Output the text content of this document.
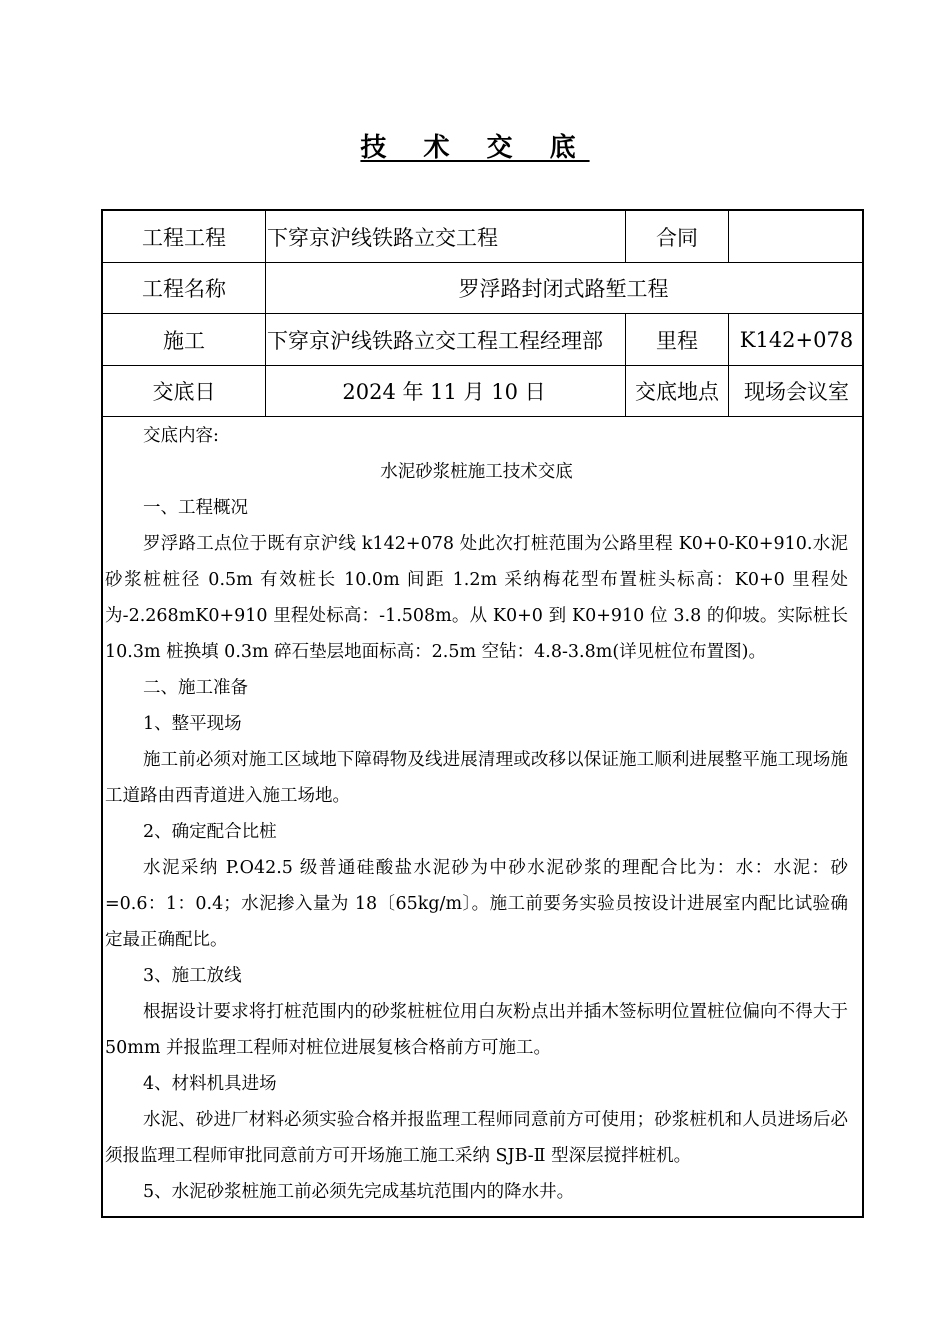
技 术 交 底
工程工程	下穿京沪线铁路立交工程	合同
工程名称	罗浮路封闭式路堑工程
施工	下穿京沪线铁路立交工程工程经理部	里程	K142+078
交底日	2024 年 11 月 10 日	交底地点	现场会议室

交底内容:

水泥砂浆桩施工技术交底

一、工程概况

罗浮路工点位于既有京沪线 k142+078 处此次打桩范围为公路里程 K0+0-K0+910.水泥砂浆桩桩径 0.5m 有效桩长 10.0m 间距 1.2m 采纳梅花型布置桩头标高：K0+0 里程处为-2.268mK0+910 里程处标高：-1.508m。从 K0+0 到 K0+910 位 3.8 的仰坡。实际桩长 10.3m 桩换填 0.3m 碎石垫层地面标高：2.5m 空钻：4.8-3.8m(详见桩位布置图)。

二、施工准备

1、整平现场

施工前必须对施工区域地下障碍物及线进展清理或改移以保证施工顺利进展整平施工现场施工道路由西青道进入施工场地。

2、确定配合比桩

水泥采纳 P.O42.5 级普通硅酸盐水泥砂为中砂水泥砂浆的理配合比为：水：水泥：砂=0.6：1：0.4；水泥掺入量为 18〔65kg/m〕。施工前要务实验员按设计进展室内配比试验确定最正确配比。

3、施工放线

根据设计要求将打桩范围内的砂浆桩桩位用白灰粉点出并插木签标明位置桩位偏向不得大于 50mm 并报监理工程师对桩位进展复核合格前方可施工。

4、材料机具进场

水泥、砂进厂材料必须实验合格并报监理工程师同意前方可使用；砂浆桩机和人员进场后必须报监理工程师审批同意前方可开场施工施工采纳 SJB-Ⅱ 型深层搅拌桩机。

5、水泥砂浆桩施工前必须先完成基坑范围内的降水井。
